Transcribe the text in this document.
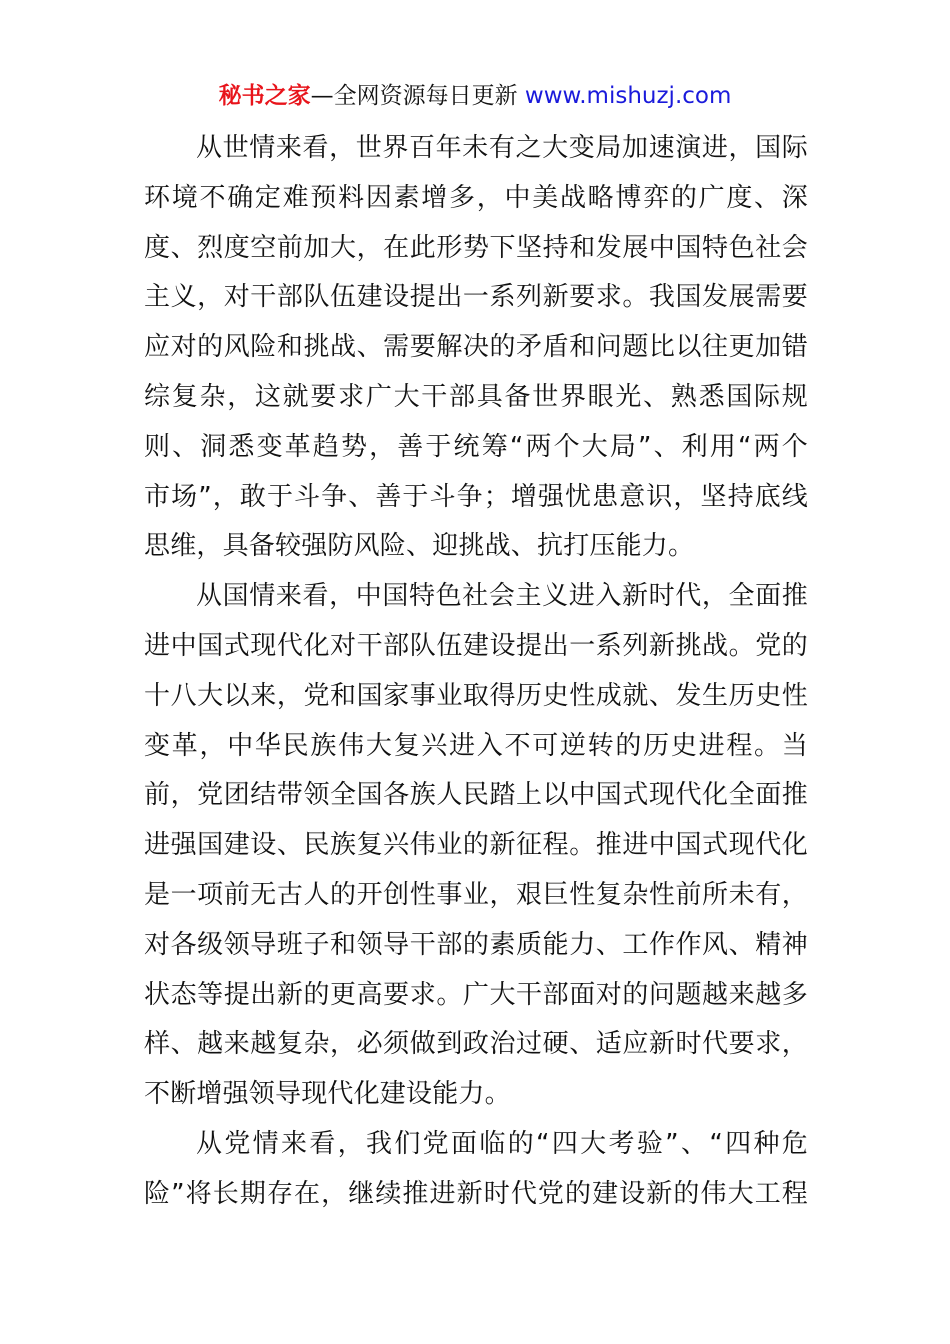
秘书之家—全网资源每日更新 www.mishuzj.com
从世情来看，世界百年未有之大变局加速演进，国际
环境不确定难预料因素增多，中美战略博弈的广度、深
度、烈度空前加大，在此形势下坚持和发展中国特色社会
主义，对干部队伍建设提出一系列新要求。我国发展需要
应对的风险和挑战、需要解决的矛盾和问题比以往更加错
综复杂，这就要求广大干部具备世界眼光、熟悉国际规
则、洞悉变革趋势，善于统筹“两个大局”、利用“两个
市场”，敢于斗争、善于斗争；增强忧患意识，坚持底线
思维，具备较强防风险、迎挑战、抗打压能力。
从国情来看，中国特色社会主义进入新时代，全面推
进中国式现代化对干部队伍建设提出一系列新挑战。党的
十八大以来，党和国家事业取得历史性成就、发生历史性
变革，中华民族伟大复兴进入不可逆转的历史进程。当
前，党团结带领全国各族人民踏上以中国式现代化全面推
进强国建设、民族复兴伟业的新征程。推进中国式现代化
是一项前无古人的开创性事业，艰巨性复杂性前所未有，
对各级领导班子和领导干部的素质能力、工作作风、精神
状态等提出新的更高要求。广大干部面对的问题越来越多
样、越来越复杂，必须做到政治过硬、适应新时代要求，
不断增强领导现代化建设能力。
从党情来看，我们党面临的“四大考验”、“四种危
险”将长期存在，继续推进新时代党的建设新的伟大工程
